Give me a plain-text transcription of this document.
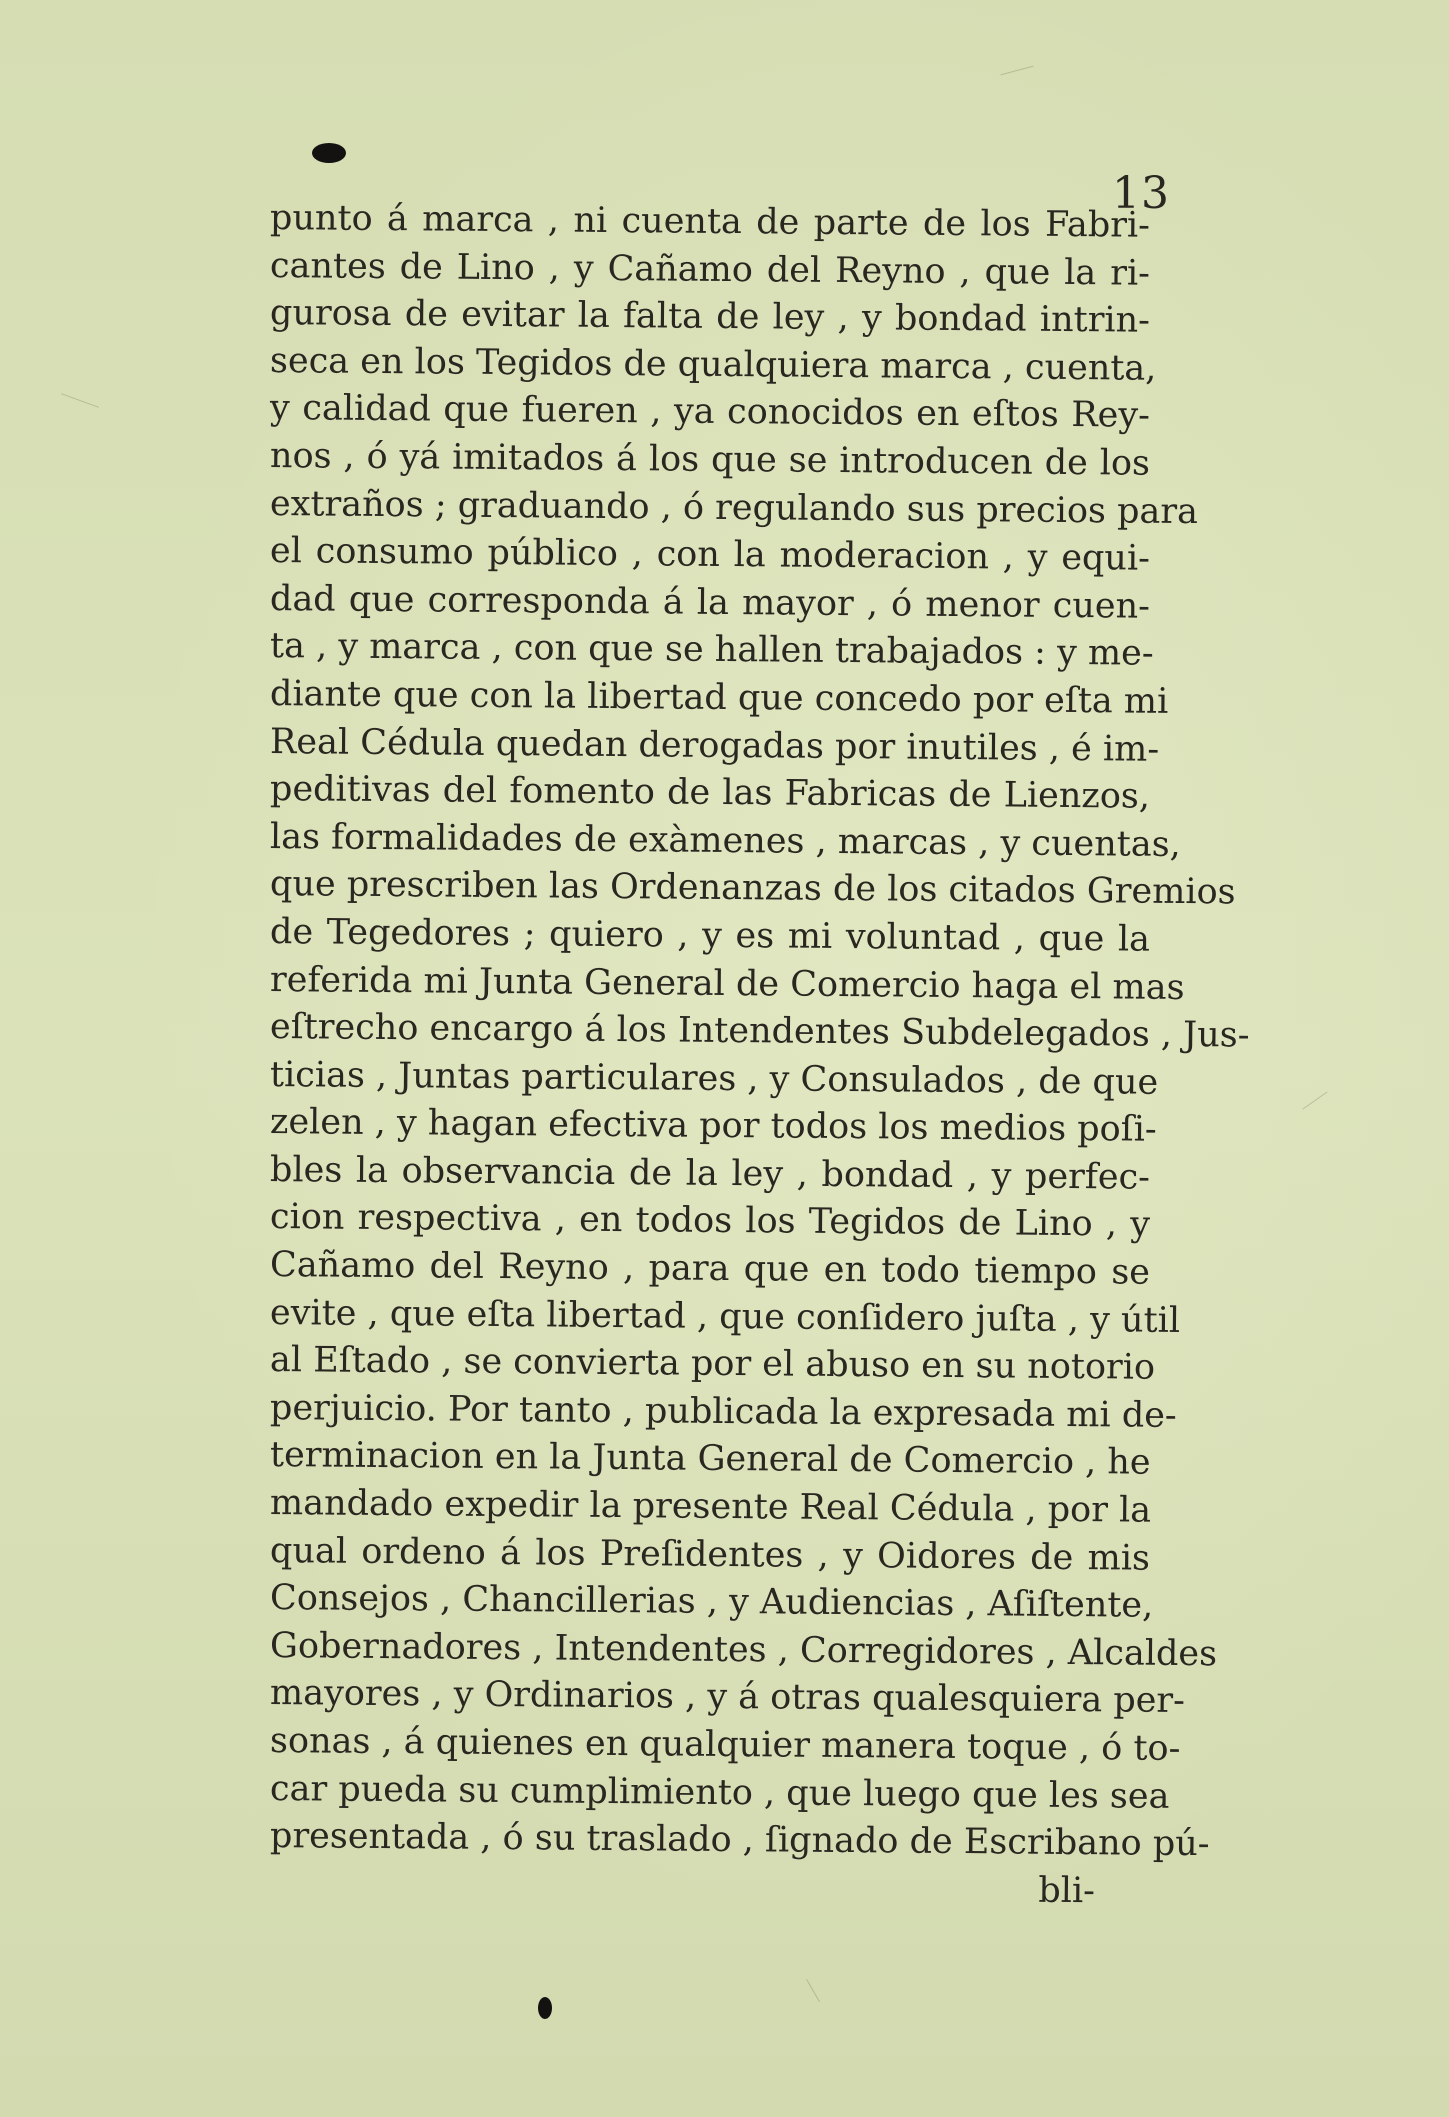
13
punto á marca , ni cuenta de parte de los Fabri-
cantes de Lino , y Cañamo del Reyno , que la ri-
gurosa de evitar la falta de ley , y bondad intrin-
seca en los Tegidos de qualquiera marca , cuenta,
y calidad que fueren , ya conocidos en eſtos Rey-
nos , ó yá imitados á los que se introducen de los
extraños ; graduando , ó regulando sus precios para
el consumo público , con la moderacion , y equi-
dad que corresponda á la mayor , ó menor cuen-
ta , y marca , con que se hallen trabajados : y me-
diante que con la libertad que concedo por eſta mi
Real Cédula quedan derogadas por inutiles , é im-
peditivas del fomento de las Fabricas de Lienzos,
las formalidades de exàmenes , marcas , y cuentas,
que prescriben las Ordenanzas de los citados Gremios
de Tegedores ; quiero , y es mi voluntad , que la
referida mi Junta General de Comercio haga el mas
eſtrecho encargo á los Intendentes Subdelegados , Jus-
ticias , Juntas particulares , y Consulados , de que
zelen , y hagan efectiva por todos los medios poſi-
bles la observancia de la ley , bondad , y perfec-
cion respectiva , en todos los Tegidos de Lino , y
Cañamo del Reyno , para que en todo tiempo se
evite , que eſta libertad , que conſidero juſta , y útil
al Eſtado , se convierta por el abuso en su notorio
perjuicio. Por tanto , publicada la expresada mi de-
terminacion en la Junta General de Comercio , he
mandado expedir la presente Real Cédula , por la
qual ordeno á los Preſidentes , y Oidores de mis
Consejos , Chancillerias , y Audiencias , Aſiſtente,
Gobernadores , Intendentes , Corregidores , Alcaldes
mayores , y Ordinarios , y á otras qualesquiera per-
sonas , á quienes en qualquier manera toque , ó to-
car pueda su cumplimiento , que luego que les sea
presentada , ó su traslado , ſignado de Escribano pú-
bli-
